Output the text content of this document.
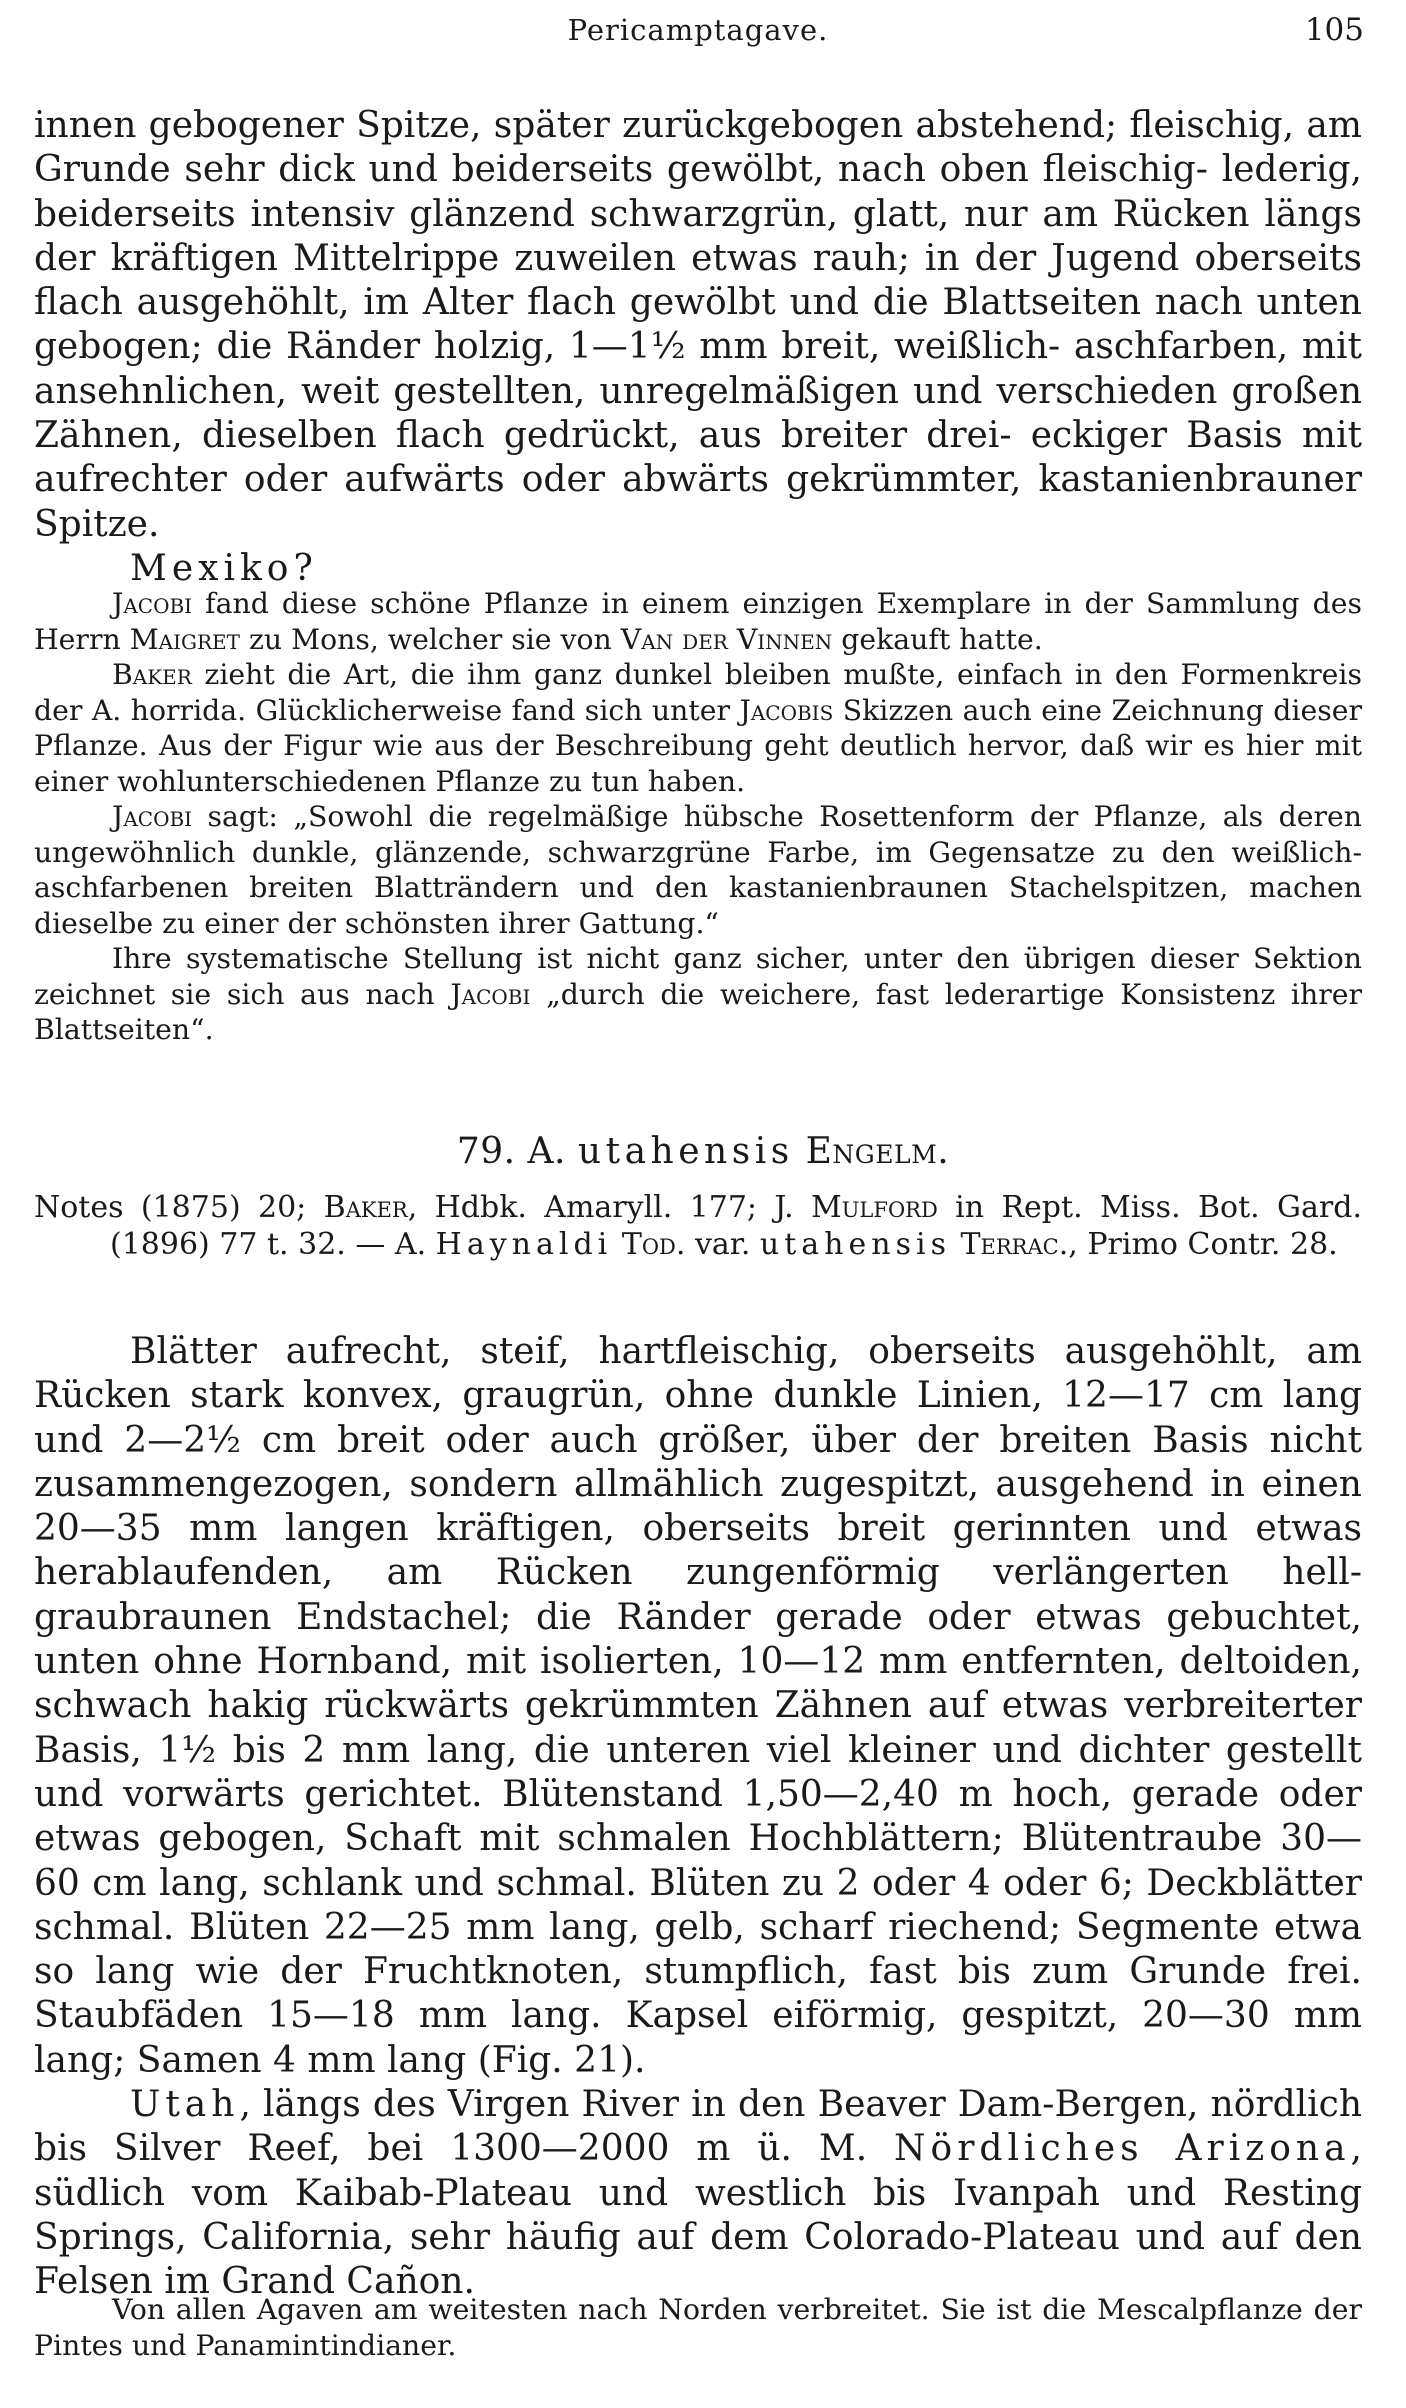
Pericamptagave.	105

innen gebogener Spitze, später zurückgebogen abstehend; fleischig, am Grunde sehr dick und beiderseits gewölbt, nach oben fleischig- lederig, beiderseits intensiv glänzend schwarzgrün, glatt, nur am Rücken längs der kräftigen Mittelrippe zuweilen etwas rauh; in der Jugend oberseits flach ausgehöhlt, im Alter flach gewölbt und die Blattseiten nach unten gebogen; die Ränder holzig, 1—1½ mm breit, weißlich- aschfarben, mit ansehnlichen, weit gestellten, unregelmäßigen und verschieden großen Zähnen, dieselben flach gedrückt, aus breiter drei- eckiger Basis mit aufrechter oder aufwärts oder abwärts gekrümmter, kastanienbrauner Spitze.

Mexiko?

Jacobi fand diese schöne Pflanze in einem einzigen Exemplare in der Sammlung des Herrn Maigret zu Mons, welcher sie von Van der Vinnen gekauft hatte.

Baker zieht die Art, die ihm ganz dunkel bleiben mußte, einfach in den Formenkreis der A. horrida. Glücklicherweise fand sich unter Jacobis Skizzen auch eine Zeichnung dieser Pflanze. Aus der Figur wie aus der Beschreibung geht deutlich hervor, daß wir es hier mit einer wohlunterschiedenen Pflanze zu tun haben.

Jacobi sagt: „Sowohl die regelmäßige hübsche Rosettenform der Pflanze, als deren ungewöhnlich dunkle, glänzende, schwarzgrüne Farbe, im Gegensatze zu den weißlich-aschfarbenen breiten Blatträndern und den kastanienbraunen Stachelspitzen, machen dieselbe zu einer der schönsten ihrer Gattung.“

Ihre systematische Stellung ist nicht ganz sicher, unter den übrigen dieser Sektion zeichnet sie sich aus nach Jacobi „durch die weichere, fast lederartige Konsistenz ihrer Blattseiten“.

79. A. utahensis Engelm.

Notes (1875) 20; Baker, Hdbk. Amaryll. 177; J. Mulford in Rept. Miss. Bot. Gard. (1896) 77 t. 32. — A. Haynaldi Tod. var. utahensis Terrac., Primo Contr. 28.

Blätter aufrecht, steif, hartfleischig, oberseits ausgehöhlt, am Rücken stark konvex, graugrün, ohne dunkle Linien, 12—17 cm lang und 2—2½ cm breit oder auch größer, über der breiten Basis nicht zusammengezogen, sondern allmählich zugespitzt, ausgehend in einen 20—35 mm langen kräftigen, oberseits breit gerinnten und etwas herablaufenden, am Rücken zungenförmig verlängerten hell-graubraunen Endstachel; die Ränder gerade oder etwas gebuchtet, unten ohne Hornband, mit isolierten, 10—12 mm entfernten, deltoiden, schwach hakig rückwärts gekrümmten Zähnen auf etwas verbreiterter Basis, 1½ bis 2 mm lang, die unteren viel kleiner und dichter gestellt und vorwärts gerichtet. Blütenstand 1,50—2,40 m hoch, gerade oder etwas gebogen, Schaft mit schmalen Hochblättern; Blütentraube 30—60 cm lang, schlank und schmal. Blüten zu 2 oder 4 oder 6; Deckblätter schmal. Blüten 22—25 mm lang, gelb, scharf riechend; Segmente etwa so lang wie der Fruchtknoten, stumpflich, fast bis zum Grunde frei. Staubfäden 15—18 mm lang. Kapsel eiförmig, gespitzt, 20—30 mm lang; Samen 4 mm lang (Fig. 21).

Utah, längs des Virgen River in den Beaver Dam-Bergen, nördlich bis Silver Reef, bei 1300—2000 m ü. M. Nördliches Arizona, südlich vom Kaibab-Plateau und westlich bis Ivanpah und Resting Springs, California, sehr häufig auf dem Colorado-Plateau und auf den Felsen im Grand Cañon.

Von allen Agaven am weitesten nach Norden verbreitet. Sie ist die Mescalpflanze der Pintes und Panamintindianer.
